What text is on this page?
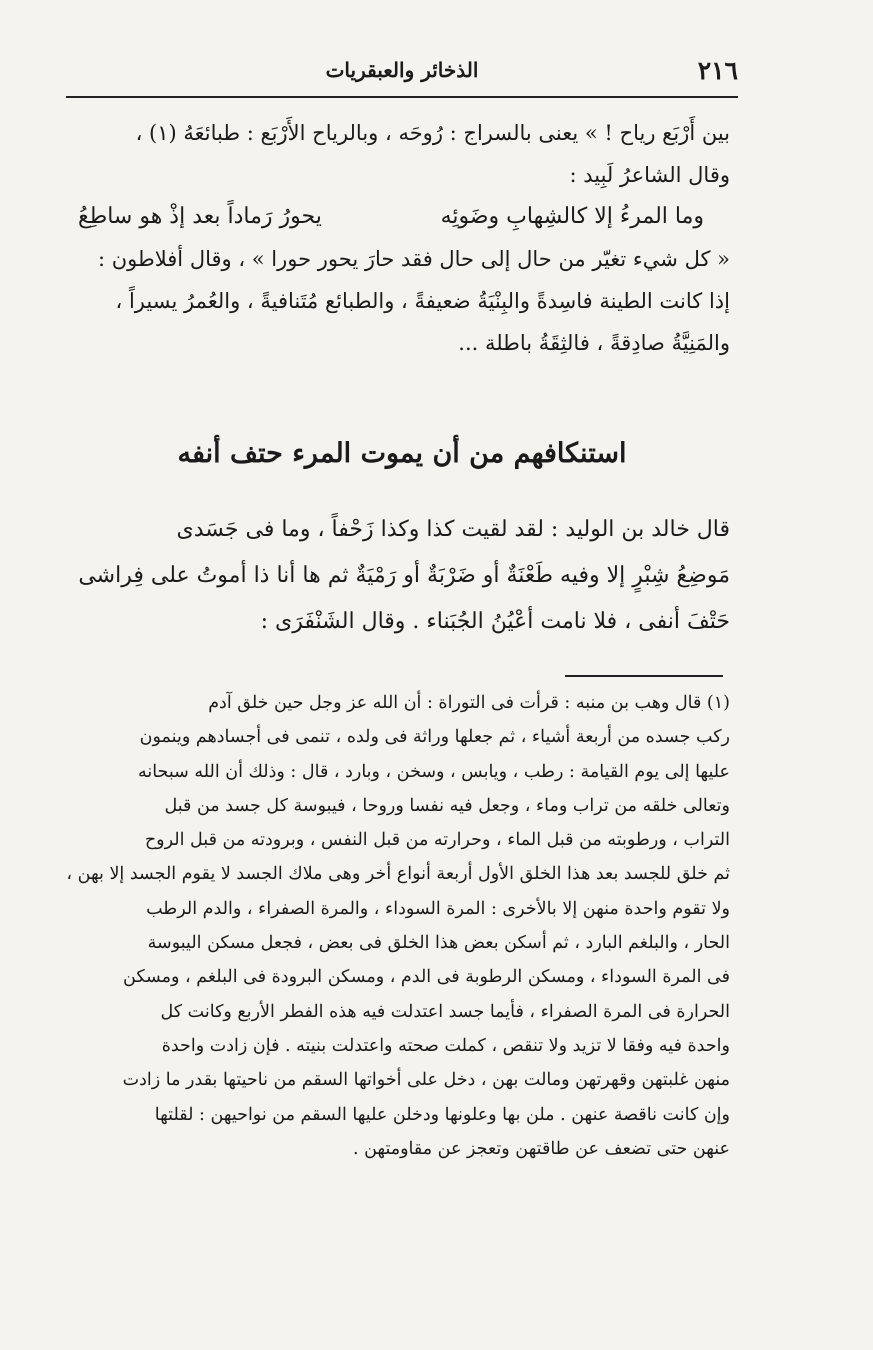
٢١٦
الذخائر والعبقريات
بين أَرْبَع رياح ! » يعنى بالسراج : رُوحَه ، وبالرياح الأَرْبَع : طبائعَهُ (١) ،
وقال الشاعرُ لَبِيد :
وما المرءُ إلا كالشِهابِ وضَوئِه
يحورُ رَماداً بعد إذْ هو ساطِعُ
« كل شيء تغيّر من حال إلى حال فقد حارَ يحور حورا » ، وقال أفلاطون :
إذا كانت الطينة فاسِدةً والبِنْيَةُ ضعيفةً ، والطبائع مُتَنافيةً ، والعُمرُ يسيراً ،
والمَنِيَّةُ صادِقةً ، فالثِقَةُ باطلة ...
استنكافهم من أن يموت المرء حتف أنفه
قال خالد بن الوليد : لقد لقيت كذا وكذا زَحْفاً ، وما فى جَسَدى
مَوضِعُ شِبْرٍ إلا وفيه طَعْنَةٌ أو ضَرْبَةٌ أو رَمْيَةٌ ثم ها أنا ذا أموتُ على فِراشى
حَتْفَ أنفى ، فلا نامت أعْيُنُ الجُبَناء . وقال الشَنْفَرَى :
(١) قال وهب بن منبه : قرأت فى التوراة : أن الله عز وجل حين خلق آدم
ركب جسده من أربعة أشياء ، ثم جعلها وراثة فى ولده ، تنمى فى أجسادهم وينمون
عليها إلى يوم القيامة : رطب ، ويابس ، وسخن ، وبارد ، قال : وذلك أن الله سبحانه
وتعالى خلقه من تراب وماء ، وجعل فيه نفسا وروحا ، فيبوسة كل جسد من قبل
التراب ، ورطوبته من قبل الماء ، وحرارته من قبل النفس ، وبرودته من قبل الروح
ثم خلق للجسد بعد هذا الخلق الأول أربعة أنواع أخر وهى ملاك الجسد لا يقوم الجسد إلا بهن ،
ولا تقوم واحدة منهن إلا بالأخرى : المرة السوداء ، والمرة الصفراء ، والدم الرطب
الحار ، والبلغم البارد ، ثم أسكن بعض هذا الخلق فى بعض ، فجعل مسكن اليبوسة
فى المرة السوداء ، ومسكن الرطوبة فى الدم ، ومسكن البرودة فى البلغم ، ومسكن
الحرارة فى المرة الصفراء ، فأيما جسد اعتدلت فيه هذه الفطر الأربع وكانت كل
واحدة فيه وفقا لا تزيد ولا تنقص ، كملت صحته واعتدلت بنيته . فإن زادت واحدة
منهن غلبتهن وقهرتهن ومالت بهن ، دخل على أخواتها السقم من ناحيتها بقدر ما زادت
وإن كانت ناقصة عنهن . ملن بها وعلونها ودخلن عليها السقم من نواحيهن : لقلتها
عنهن حتى تضعف عن طاقتهن وتعجز عن مقاومتهن .
